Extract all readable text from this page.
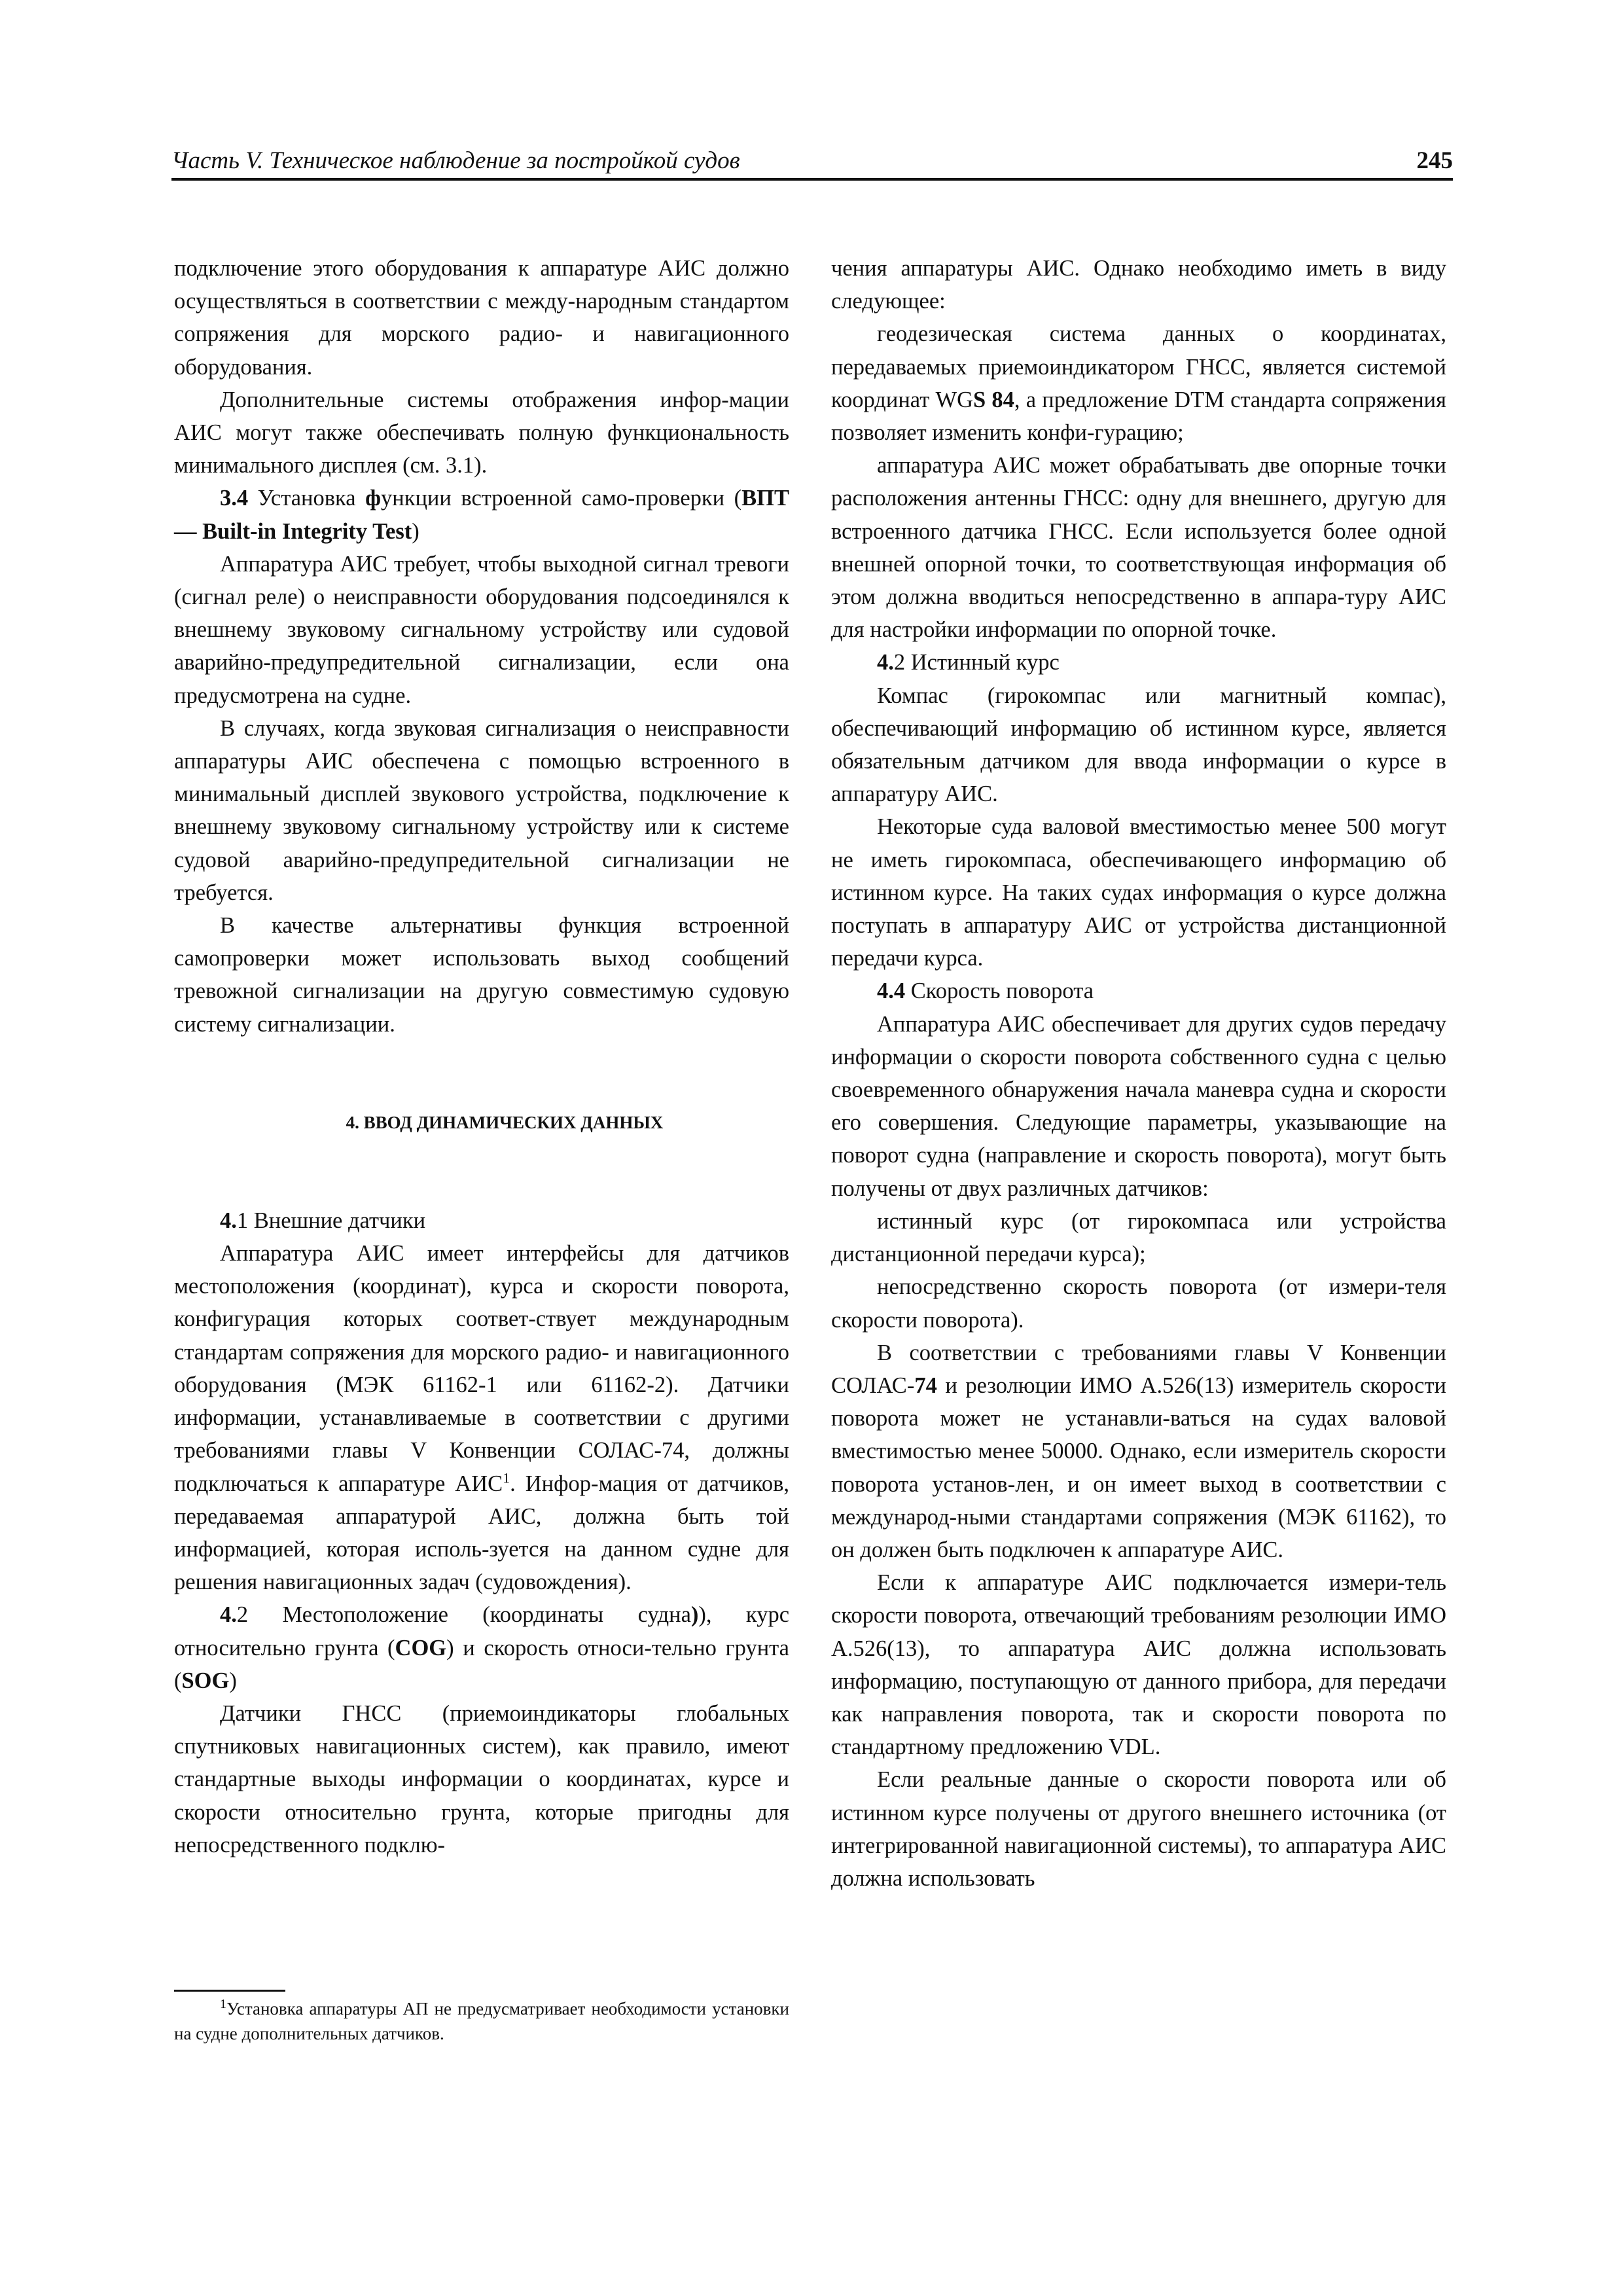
Часть V. Техническое наблюдение за постройкой судов	245

подключение этого оборудования к аппаратуре АИС должно осуществляться в соответствии с между-народным стандартом сопряжения для морского радио- и навигационного оборудования.

Дополнительные системы отображения инфор-мации АИС могут также обеспечивать полную функциональность минимального дисплея (см. 3.1).

3.4 Установка функции встроенной само-проверки (ВПТ — Built-in Integrity Test)

Аппаратура АИС требует, чтобы выходной сигнал тревоги (сигнал реле) о неисправности оборудования подсоединялся к внешнему звуковому сигнальному устройству или судовой аварийно-предупредительной сигнализации, если она предусмотрена на судне.

В случаях, когда звуковая сигнализация о неисправности аппаратуры АИС обеспечена с помощью встроенного в минимальный дисплей звукового устройства, подключение к внешнему звуковому сигнальному устройству или к системе судовой аварийно-предупредительной сигнализации не требуется.

В качестве альтернативы функция встроенной самопроверки может использовать выход сообщений тревожной сигнализации на другую совместимую судовую систему сигнализации.

4. ВВОД ДИНАМИЧЕСКИХ ДАННЫХ

4.1 Внешние датчики

Аппаратура АИС имеет интерфейсы для датчиков местоположения (координат), курса и скорости поворота, конфигурация которых соответ-ствует международным стандартам сопряжения для морского радио- и навигационного оборудования (МЭК 61162-1 или 61162-2). Датчики информации, устанавливаемые в соответствии с другими требованиями главы V Конвенции СОЛАС-74, должны подключаться к аппаратуре АИС$^1$. Инфор-мация от датчиков, передаваемая аппаратурой АИС, должна быть той информацией, которая исполь-зуется на данном судне для решения навигационных задач (судовождения).

4.2 Местоположение (координаты судна)), курс относительно грунта (COG) и скорость относи-тельно грунта (SOG)

Датчики ГНСС (приемоиндикаторы глобальных спутниковых навигационных систем), как правило, имеют стандартные выходы информации о координатах, курсе и скорости относительно грунта, которые пригодны для непосредственного подклю-

$^1$Установка аппаратуры АП не предусматривает необходимости установки на судне дополнительных датчиков.

чения аппаратуры АИС. Однако необходимо иметь в виду следующее:

геодезическая система данных о координатах, передаваемых приемоиндикатором ГНСС, является системой координат WGS 84, а предложение DTM стандарта сопряжения позволяет изменить конфи-гурацию;

аппаратура АИС может обрабатывать две опорные точки расположения антенны ГНСС: одну для внешнего, другую для встроенного датчика ГНСС. Если используется более одной внешней опорной точки, то соответствующая информация об этом должна вводиться непосредственно в аппара-туру АИС для настройки информации по опорной точке.

4.2 Истинный курс

Компас (гирокомпас или магнитный компас), обеспечивающий информацию об истинном курсе, является обязательным датчиком для ввода информации о курсе в аппаратуру АИС.

Некоторые суда валовой вместимостью менее 500 могут не иметь гирокомпаса, обеспечивающего информацию об истинном курсе. На таких судах информация о курсе должна поступать в аппаратуру АИС от устройства дистанционной передачи курса.

4.4 Скорость поворота

Аппаратура АИС обеспечивает для других судов передачу информации о скорости поворота собственного судна с целью своевременного обнаружения начала маневра судна и скорости его совершения. Следующие параметры, указывающие на поворот судна (направление и скорость поворота), могут быть получены от двух различных датчиков:

истинный курс (от гирокомпаса или устройства дистанционной передачи курса);

непосредственно скорость поворота (от измери-теля скорости поворота).

В соответствии с требованиями главы V Конвенции СОЛАС-74 и резолюции ИМО А.526(13) измеритель скорости поворота может не устанавли-ваться на судах валовой вместимостью менее 50000. Однако, если измеритель скорости поворота установ-лен, и он имеет выход в соответствии с международ-ными стандартами сопряжения (МЭК 61162), то он должен быть подключен к аппаратуре АИС.

Если к аппаратуре АИС подключается измери-тель скорости поворота, отвечающий требованиям резолюции ИМО А.526(13), то аппаратура АИС должна использовать информацию, поступающую от данного прибора, для передачи как направления поворота, так и скорости поворота по стандартному предложению VDL.

Если реальные данные о скорости поворота или об истинном курсе получены от другого внешнего источника (от интегрированной навигационной системы), то аппаратура АИС должна использовать
